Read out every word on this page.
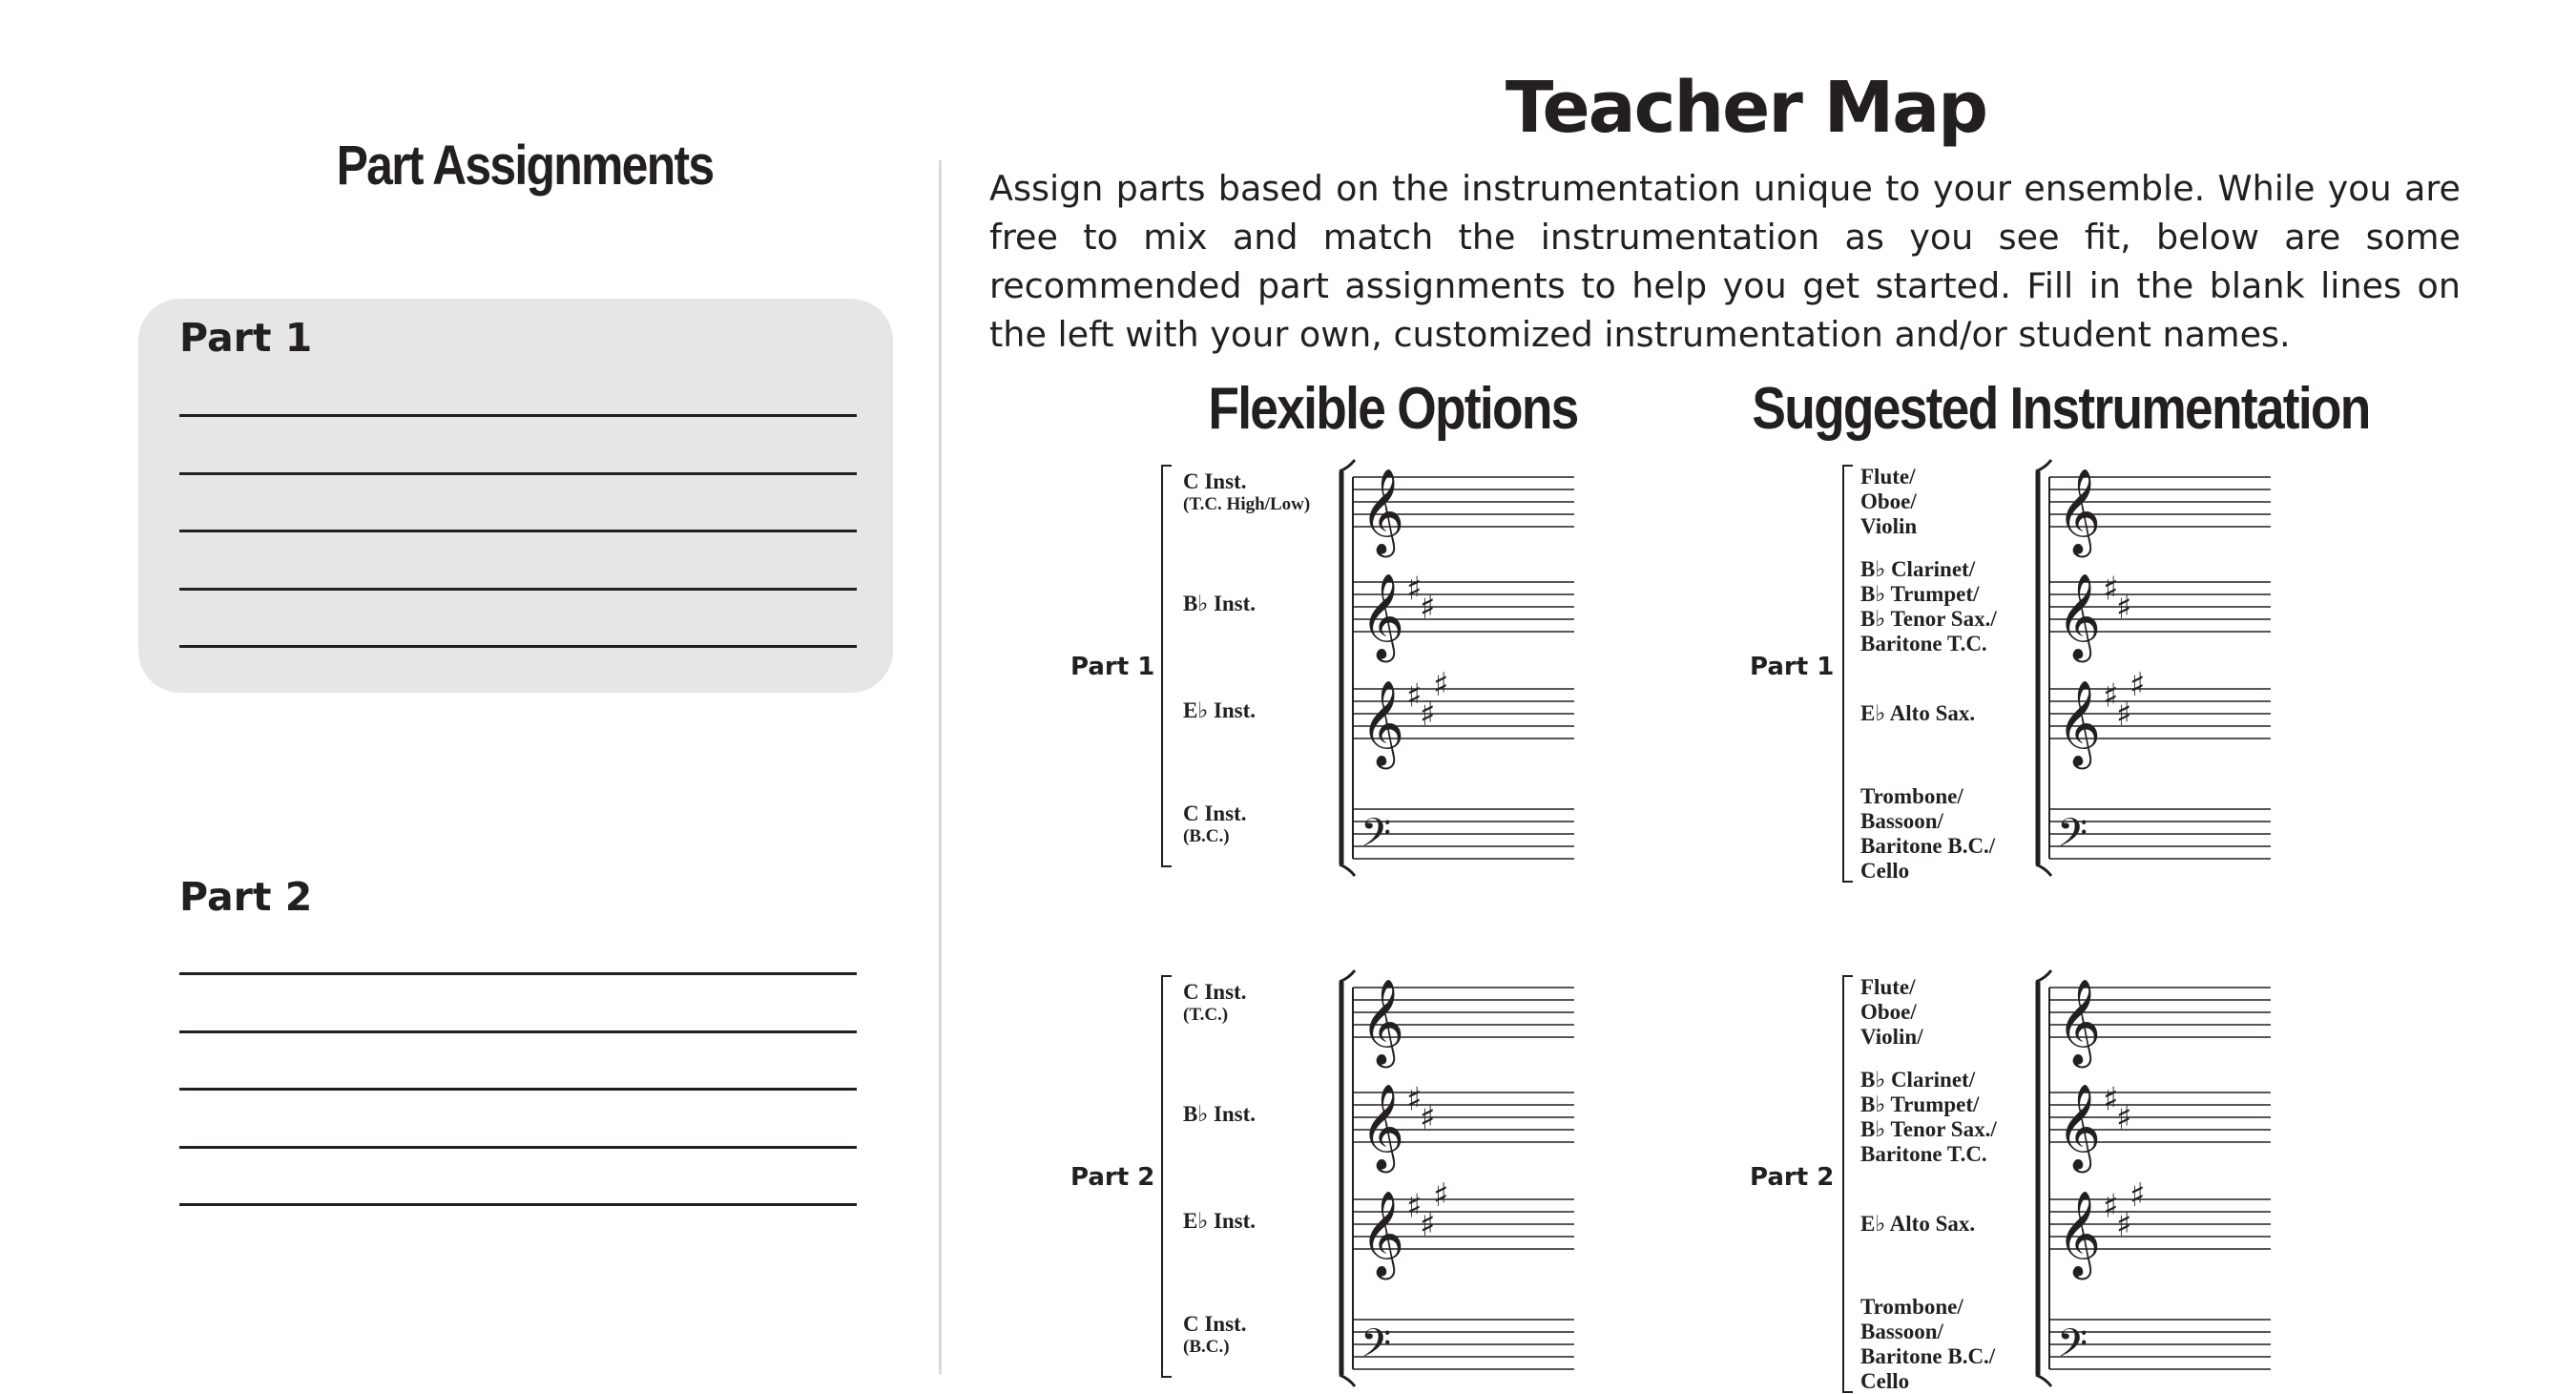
Part Assignments
Part 1
Part 2
Teacher Map
Assign parts based on the instrumentation unique to your ensemble. While you are free to mix and match the instrumentation as you see fit, below are some recommended part assignments to help you get started. Fill in the blank lines on the left with your own, customized instrumentation and/or student names.
Flexible Options	Suggested Instrumentation
Part 1
𝄞
𝄞 ♯
♯
𝄞 ♯
♯
♯
𝄢
C Inst.
(T.C. High/Low)
B♭ Inst.
E♭ Inst.
C Inst.
(B.C.)
Part 1
𝄞
𝄞 ♯
♯
𝄞 ♯
♯
♯
𝄢
Flute/
Oboe/
Violin
B♭ Clarinet/
B♭ Trumpet/
B♭ Tenor Sax./
Baritone T.C.
E♭ Alto Sax.
Trombone/
Bassoon/
Baritone B.C./
Cello
Part 2
𝄞
𝄞 ♯
♯
𝄞 ♯
♯
♯
𝄢
C Inst.
(T.C.)
B♭ Inst.
E♭ Inst.
C Inst.
(B.C.)
Part 2
𝄞
𝄞 ♯
♯
𝄞 ♯
♯
♯
𝄢
Flute/
Oboe/
Violin/
B♭ Clarinet/
B♭ Trumpet/
B♭ Tenor Sax./
Baritone T.C.
E♭ Alto Sax.
Trombone/
Bassoon/
Baritone B.C./
Cello
